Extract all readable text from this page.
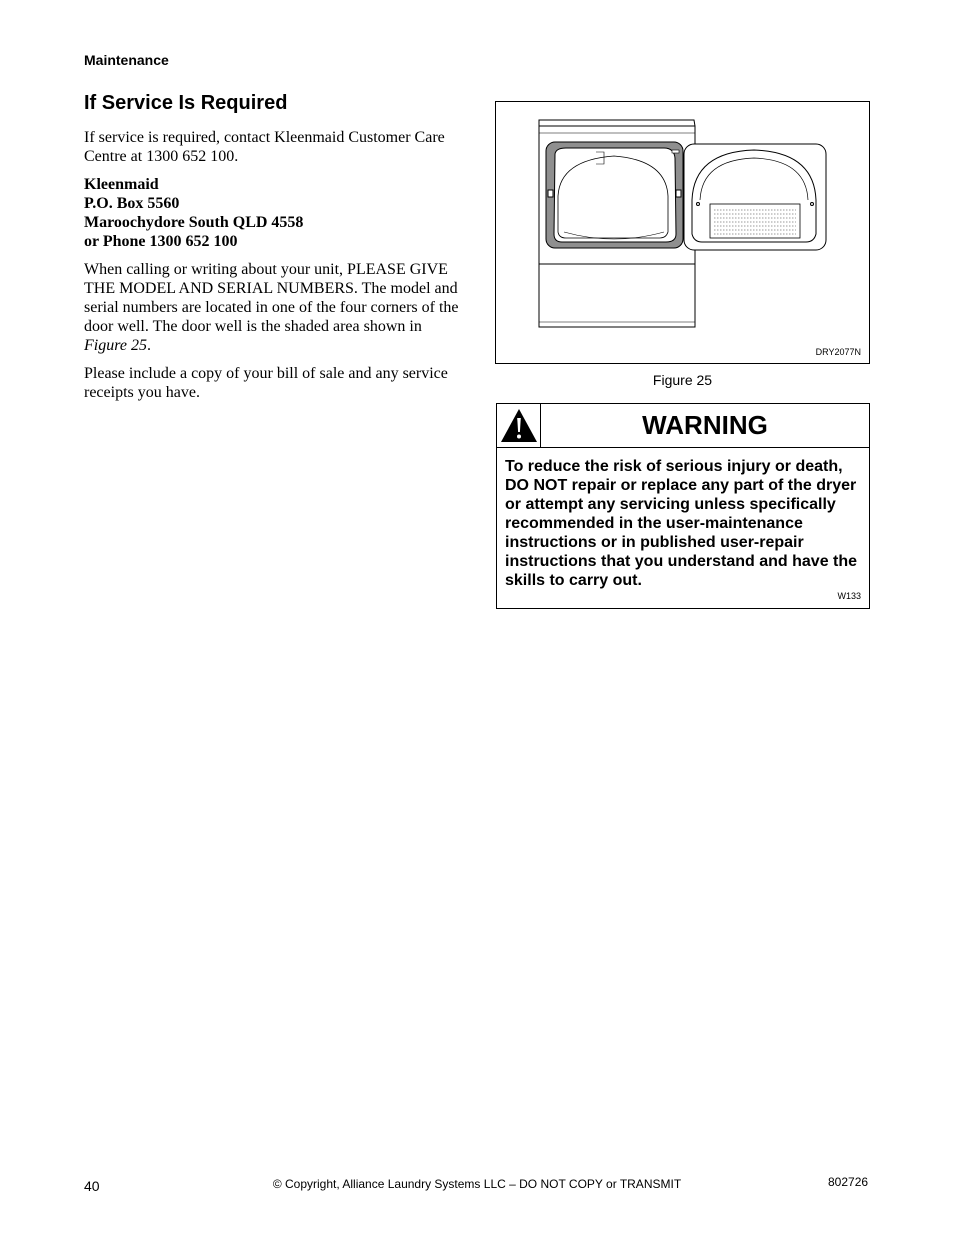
Maintenance
If Service Is Required

If service is required, contact Kleenmaid Customer Care Centre at 1300 652 100.

Kleenmaid
P.O. Box 5560
Maroochydore South QLD 4558
or Phone 1300 652 100

When calling or writing about your unit, PLEASE GIVE THE MODEL AND SERIAL NUMBERS. The model and serial numbers are located in one of the four corners of the door well. The door well is the shaded area shown in Figure 25.

Please include a copy of your bill of sale and any service receipts you have.

DRY2077N
Figure 25
WARNING
To reduce the risk of serious injury or death, DO NOT repair or replace any part of the dryer or attempt any servicing unless specifically recommended in the user-maintenance instructions or in published user-repair instructions that you understand and have the skills to carry out.
W133
40	© Copyright, Alliance Laundry Systems LLC – DO NOT COPY or TRANSMIT	802726
